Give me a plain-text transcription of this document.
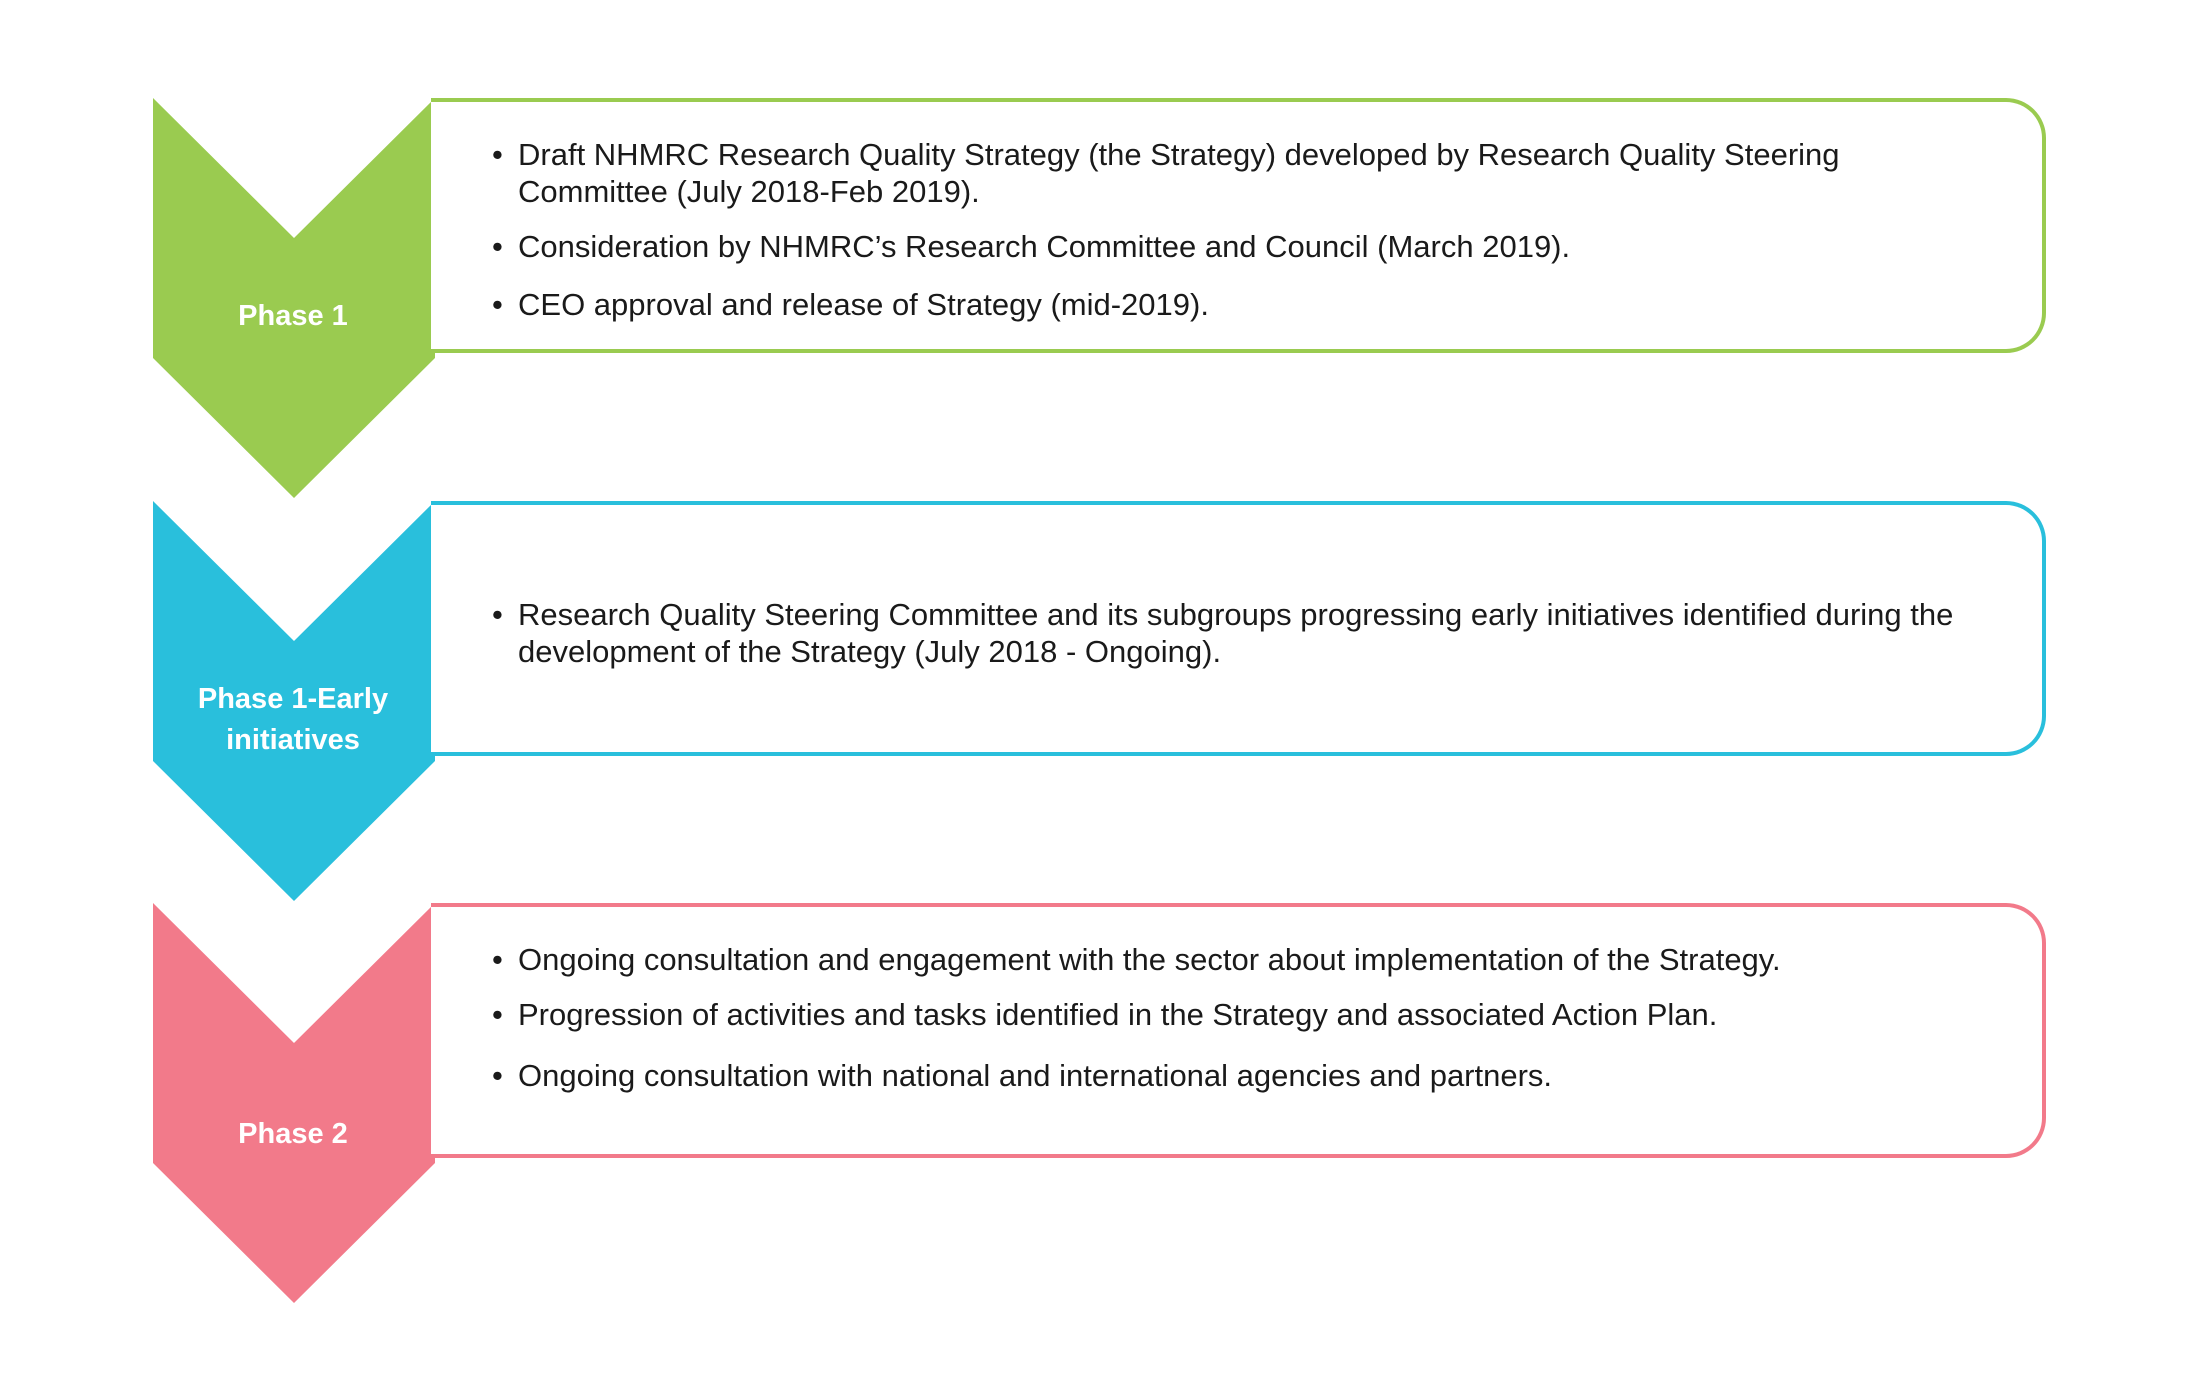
Phase 1
• Draft NHMRC Research Quality Strategy (the Strategy) developed by Research Quality Steering Committee (July 2018-Feb 2019).
• Consideration by NHMRC’s Research Committee and Council (March 2019).
• CEO approval and release of Strategy (mid-2019).
Phase 1-Early
initiatives
• Research Quality Steering Committee and its subgroups progressing early initiatives identified during the development of the Strategy (July 2018 - Ongoing).
Phase 2
• Ongoing consultation and engagement with the sector about implementation of the Strategy.
• Progression of activities and tasks identified in the Strategy and associated Action Plan.
• Ongoing consultation with national and international agencies and partners.
